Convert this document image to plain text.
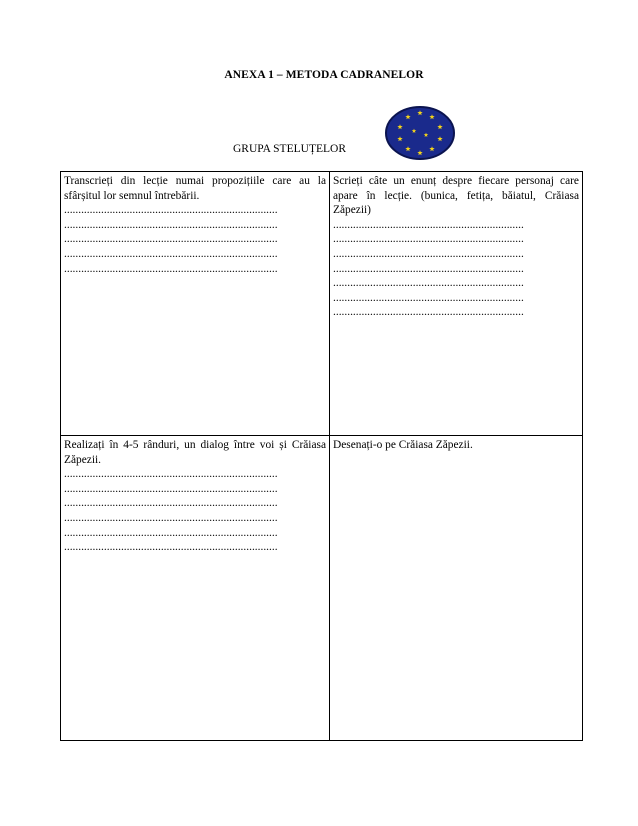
ANEXA 1 – METODA CADRANELOR
GRUPA STELUȚELOR

Transcrieți din lecție numai propozițiile care au la sfârșitul lor semnul întrebării.

...........................................................................
...........................................................................
...........................................................................
...........................................................................
...........................................................................

Scrieți câte un enunț despre fiecare personaj care apare în lecție. (bunica, fetița, băiatul, Crăiasa Zăpezii)

...................................................................
...................................................................
...................................................................
...................................................................
...................................................................
...................................................................
...................................................................

Realizați în 4-5 rânduri, un dialog între voi și Crăiasa Zăpezii.

...........................................................................
...........................................................................
...........................................................................
...........................................................................
...........................................................................
...........................................................................

Desenați-o pe Crăiasa Zăpezii.
